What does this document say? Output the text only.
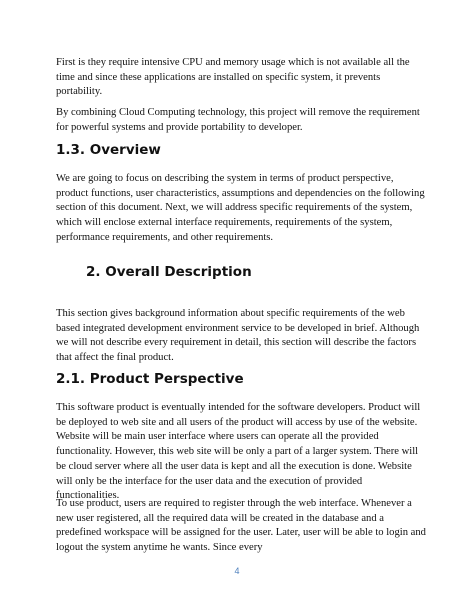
First is they require intensive CPU and memory usage which is not available all the time and since these applications are installed on specific system, it prevents portability.

By combining Cloud Computing technology, this project will remove the requirement for powerful systems and provide portability to developer.

1.3. Overview

We are going to focus on describing the system in terms of product perspective, product functions, user characteristics, assumptions and dependencies on the following section of this document. Next, we will address specific requirements of the system, which will enclose external interface requirements, requirements of the system, performance requirements, and other requirements.

2. Overall Description

This section gives background information about specific requirements of the web based integrated development environment service to be developed in brief. Although we will not describe every requirement in detail, this section will describe the factors that affect the final product.

2.1. Product Perspective

This software product is eventually intended for the software developers. Product will be deployed to web site and all users of the product will access by use of the website. Website will be main user interface where users can operate all the provided functionality. However, this web site will be only a part of a larger system. There will be cloud server where all the user data is kept and all the execution is done. Website will only be the interface for the user data and the execution of provided functionalities.

To use product, users are required to register through the web interface. Whenever a new user registered, all the required data will be created in the database and a predefined workspace will be assigned for the user. Later, user will be able to login and logout the system anytime he wants. Since every

4
